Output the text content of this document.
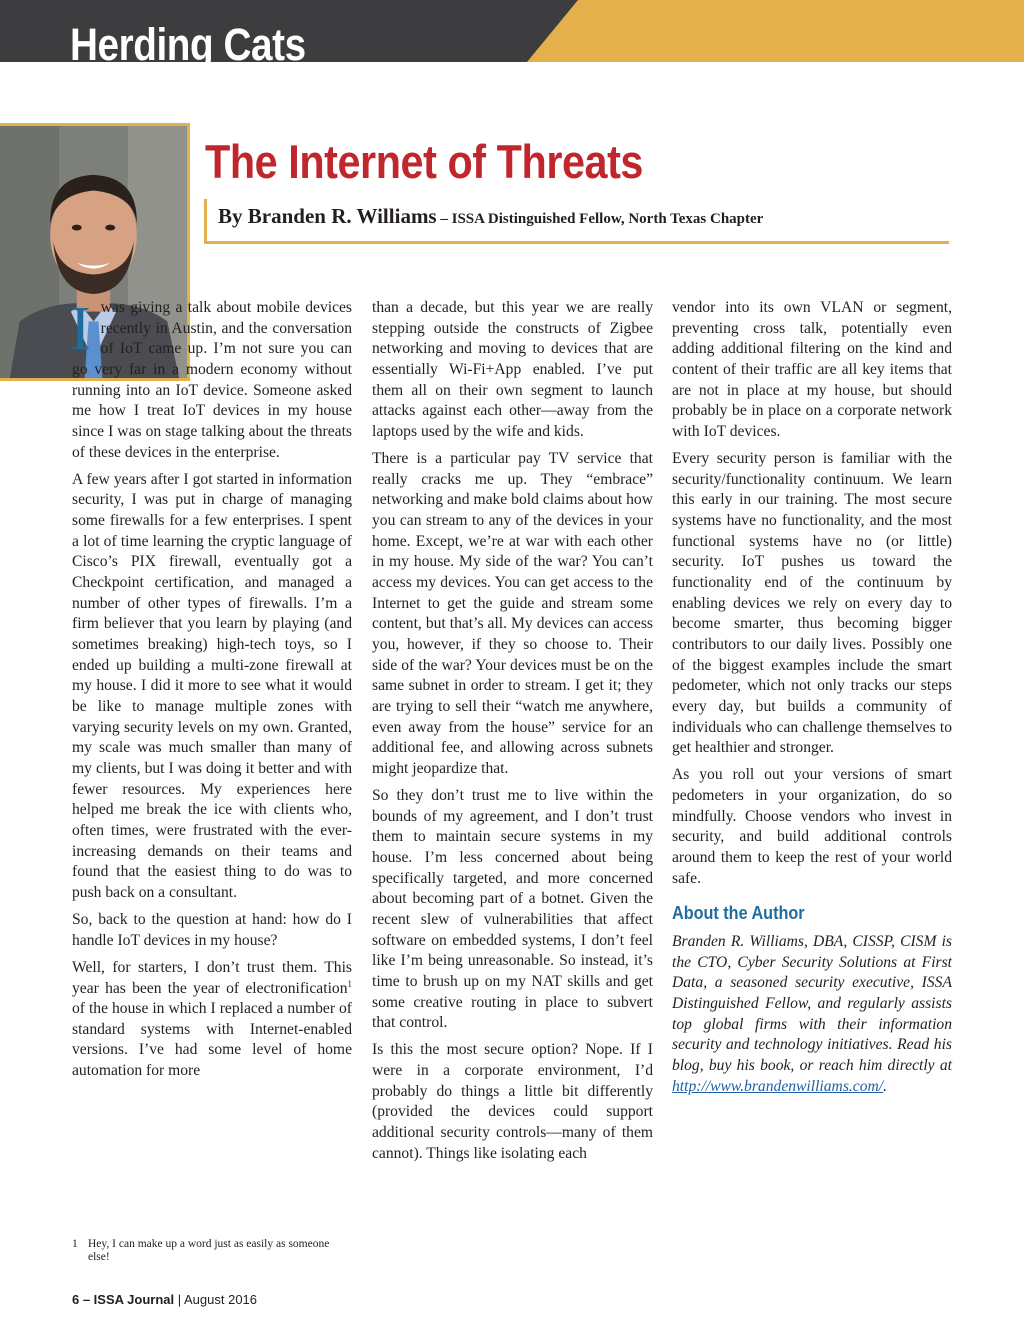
Herding Cats
The Internet of Threats
By Branden R. Williams – ISSA Distinguished Fellow, North Texas Chapter

Iwas giving a talk about mobile devices recently in Austin, and the conversation of IoT came up. I’m not sure you can go very far in a modern economy without running into an IoT device. Someone asked me how I treat IoT devices in my house since I was on stage talking about the threats of these devices in the enterprise.

A few years after I got started in information security, I was put in charge of managing some firewalls for a few enterprises. I spent a lot of time learning the cryptic language of Cisco’s PIX firewall, eventually got a Checkpoint certification, and managed a number of other types of firewalls. I’m a firm believer that you learn by playing (and sometimes breaking) high-tech toys, so I ended up building a multi-zone firewall at my house. I did it more to see what it would be like to manage multiple zones with varying security levels on my own. Granted, my scale was much smaller than many of my clients, but I was doing it better and with fewer resources. My experiences here helped me break the ice with clients who, often times, were frustrated with the ever-increasing demands on their teams and found that the easiest thing to do was to push back on a consultant.

So, back to the question at hand: how do I handle IoT devices in my house?

Well, for starters, I don’t trust them. This year has been the year of electronification$^1$ of the house in which I replaced a number of standard systems with Internet-enabled versions. I’ve had some level of home automation for more

than a decade, but this year we are really stepping outside the constructs of Zigbee networking and moving to devices that are essentially Wi-Fi+App enabled. I’ve put them all on their own segment to launch attacks against each other—away from the laptops used by the wife and kids.

There is a particular pay TV service that really cracks me up. They “embrace” networking and make bold claims about how you can stream to any of the devices in your home. Except, we’re at war with each other in my house. My side of the war? You can’t access my devices. You can get access to the Internet to get the guide and stream some content, but that’s all. My devices can access you, however, if they so choose to. Their side of the war? Your devices must be on the same subnet in order to stream. I get it; they are trying to sell their “watch me anywhere, even away from the house” service for an additional fee, and allowing across subnets might jeopardize that.

So they don’t trust me to live within the bounds of my agreement, and I don’t trust them to maintain secure systems in my house. I’m less concerned about being specifically targeted, and more concerned about becoming part of a botnet. Given the recent slew of vulnerabilities that affect software on embedded systems, I don’t feel like I’m being unreasonable. So instead, it’s time to brush up on my NAT skills and get some creative routing in place to subvert that control.

Is this the most secure option? Nope. If I were in a corporate environment, I’d probably do things a little bit differently (provided the devices could support additional security controls—many of them cannot). Things like isolating each

vendor into its own VLAN or segment, preventing cross talk, potentially even adding additional filtering on the kind and content of their traffic are all key items that are not in place at my house, but should probably be in place on a corporate network with IoT devices.

Every security person is familiar with the security/functionality continuum. We learn this early in our training. The most secure systems have no functionality, and the most functional systems have no (or little) security. IoT pushes us toward the functionality end of the continuum by enabling devices we rely on every day to become smarter, thus becoming bigger contributors to our daily lives. Possibly one of the biggest examples include the smart pedometer, which not only tracks our steps every day, but builds a community of individuals who can challenge themselves to get healthier and stronger.

As you roll out your versions of smart pedometers in your organization, do so mindfully. Choose vendors who invest in security, and build additional controls around them to keep the rest of your world safe.

About the Author

Branden R. Williams, DBA, CISSP, CISM is the CTO, Cyber Security Solutions at First Data, a seasoned security executive, ISSA Distinguished Fellow, and regularly assists top global firms with their information security and technology initiatives. Read his blog, buy his book, or reach him directly at http://www.brandenwilliams.com/.

1 Hey, I can make up a word just as easily as someone else!
6 – ISSA Journal | August 2016
